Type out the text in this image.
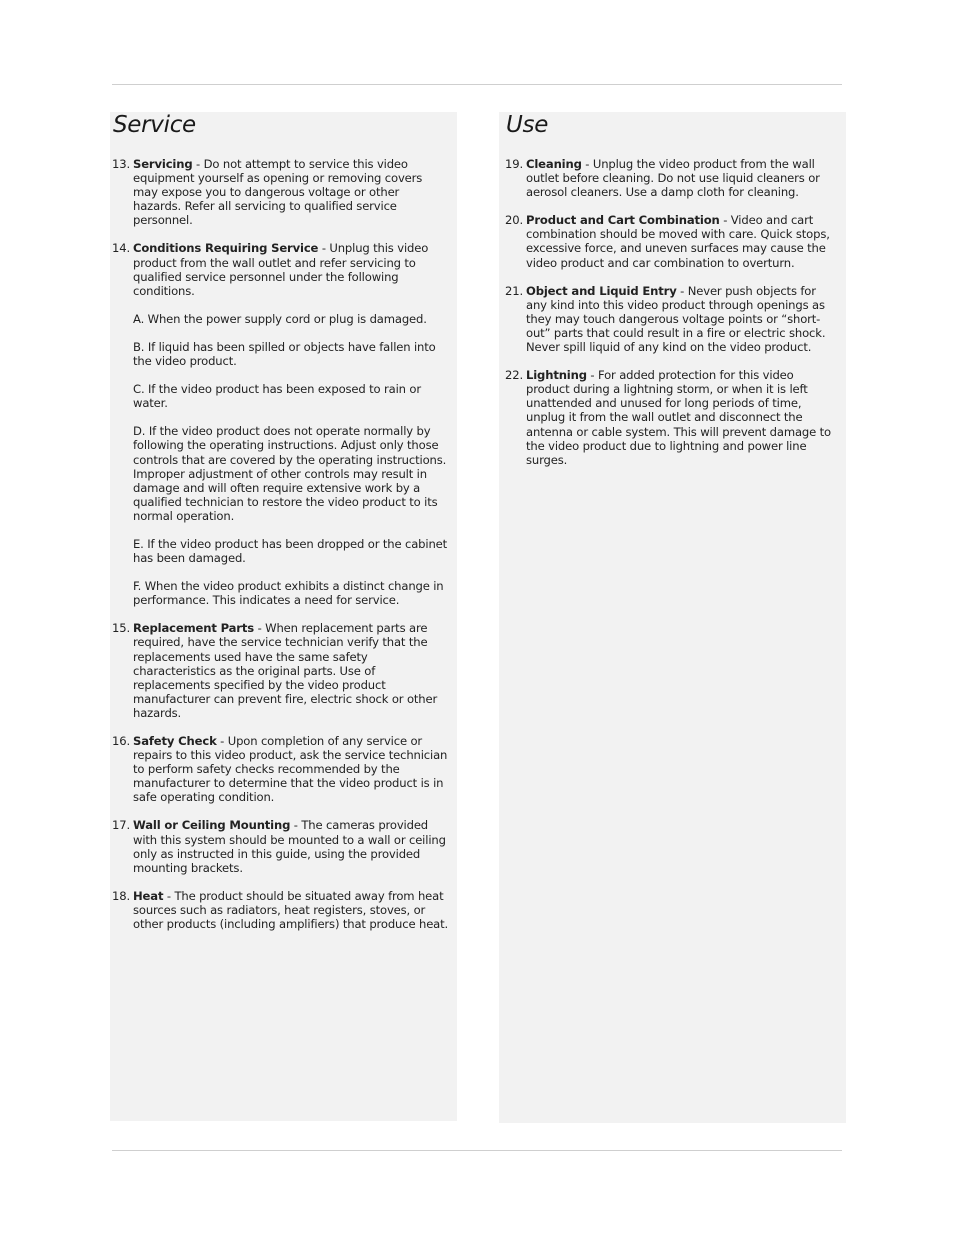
Service
13. Servicing - Do not attempt to service this video equipment yourself as opening or removing covers may expose you to dangerous voltage or other hazards. Refer all servicing to qualified service personnel.
14. Conditions Requiring Service - Unplug this video product from the wall outlet and refer servicing to qualified service personnel under the following conditions.
A. When the power supply cord or plug is damaged.
B. If liquid has been spilled or objects have fallen into the video product.
C. If the video product has been exposed to rain or water.
D. If the video product does not operate normally by following the operating instructions. Adjust only those controls that are covered by the operating instructions. Improper adjustment of other controls may result in damage and will often require extensive work by a qualified technician to restore the video product to its normal operation.
E. If the video product has been dropped or the cabinet has been damaged.
F. When the video product exhibits a distinct change in performance. This indicates a need for service.
15. Replacement Parts - When replacement parts are required, have the service technician verify that the replacements used have the same safety characteristics as the original parts. Use of replacements specified by the video product manufacturer can prevent fire, electric shock or other hazards.
16. Safety Check - Upon completion of any service or repairs to this video product, ask the service technician to perform safety checks recommended by the manufacturer to determine that the video product is in safe operating condition.
17. Wall or Ceiling Mounting - The cameras provided with this system should be mounted to a wall or ceiling only as instructed in this guide, using the provided mounting brackets.
18. Heat - The product should be situated away from heat sources such as radiators, heat registers, stoves, or other products (including amplifiers) that produce heat.
Use
19. Cleaning - Unplug the video product from the wall outlet before cleaning. Do not use liquid cleaners or aerosol cleaners. Use a damp cloth for cleaning.
20. Product and Cart Combination - Video and cart combination should be moved with care. Quick stops, excessive force, and uneven surfaces may cause the video product and car combination to overturn.
21. Object and Liquid Entry - Never push objects for any kind into this video product through openings as they may touch dangerous voltage points or “short-out” parts that could result in a fire or electric shock. Never spill liquid of any kind on the video product.
22. Lightning - For added protection for this video product during a lightning storm, or when it is left unattended and unused for long periods of time, unplug it from the wall outlet and disconnect the antenna or cable system. This will prevent damage to the video product due to lightning and power line surges.
